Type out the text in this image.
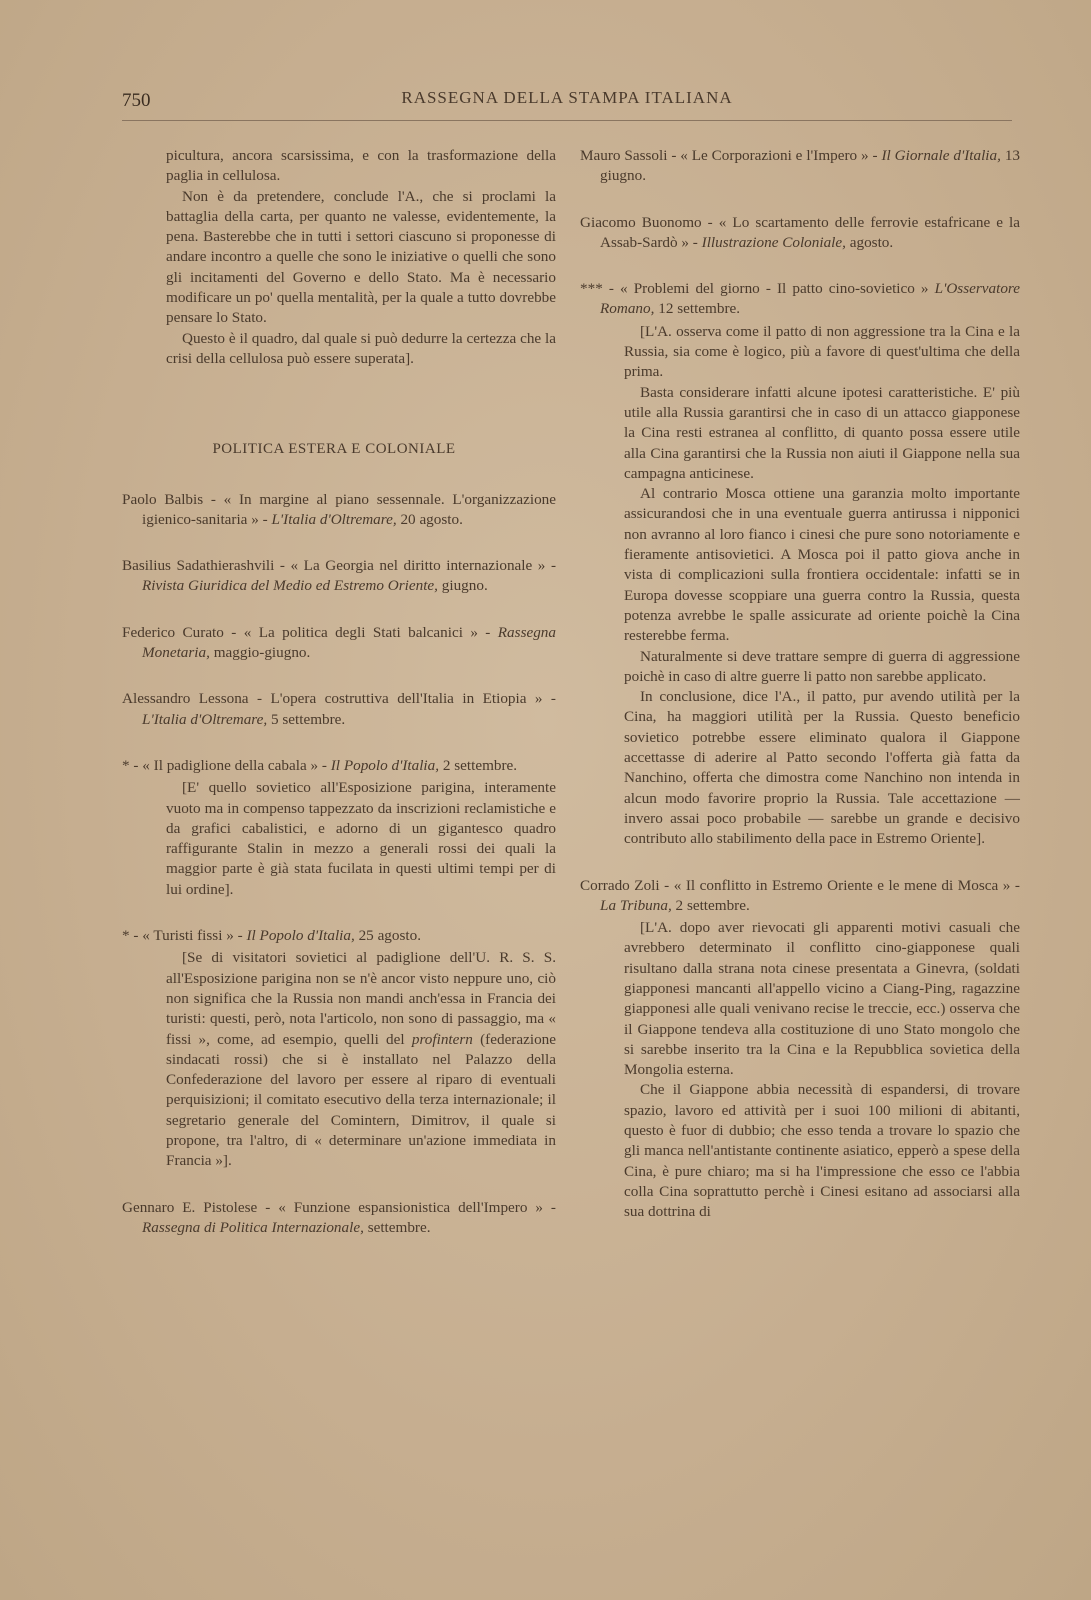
750	RASSEGNA DELLA STAMPA ITALIANA

picultura, ancora scarsissima, e con la trasformazione della paglia in cellulosa.

Non è da pretendere, conclude l'A., che si proclami la battaglia della carta, per quanto ne valesse, evidentemente, la pena. Basterebbe che in tutti i settori ciascuno si proponesse di andare incontro a quelle che sono le iniziative o quelli che sono gli incitamenti del Governo e dello Stato. Ma è necessario modificare un po' quella mentalità, per la quale a tutto dovrebbe pensare lo Stato.

Questo è il quadro, dal quale si può dedurre la certezza che la crisi della cellulosa può essere superata].

POLITICA ESTERA E COLONIALE

Paolo Balbis - « In margine al piano sessennale. L'organizzazione igienico-sanitaria » - L'Italia d'Oltremare, 20 agosto.

Basilius Sadathierashvili - « La Georgia nel diritto internazionale » - Rivista Giuridica del Medio ed Estremo Oriente, giugno.

Federico Curato - « La politica degli Stati balcanici » - Rassegna Monetaria, maggio-giugno.

Alessandro Lessona - L'opera costruttiva dell'Italia in Etiopia » - L'Italia d'Oltremare, 5 settembre.

* - « Il padiglione della cabala » - Il Popolo d'Italia, 2 settembre.

[E' quello sovietico all'Esposizione parigina, interamente vuoto ma in compenso tappezzato da inscrizioni reclamistiche e da grafici cabalistici, e adorno di un gigantesco quadro raffigurante Stalin in mezzo a generali rossi dei quali la maggior parte è già stata fucilata in questi ultimi tempi per di lui ordine].

* - « Turisti fissi » - Il Popolo d'Italia, 25 agosto.

[Se di visitatori sovietici al padiglione dell'U. R. S. S. all'Esposizione parigina non se n'è ancor visto neppure uno, ciò non significa che la Russia non mandi anch'essa in Francia dei turisti: questi, però, nota l'articolo, non sono di passaggio, ma « fissi », come, ad esempio, quelli del profintern (federazione sindacati rossi) che si è installato nel Palazzo della Confederazione del lavoro per essere al riparo di eventuali perquisizioni; il comitato esecutivo della terza internazionale; il segretario generale del Comintern, Dimitrov, il quale si propone, tra l'altro, di « determinare un'azione immediata in Francia »].

Gennaro E. Pistolese - « Funzione espansionistica dell'Impero » - Rassegna di Politica Internazionale, settembre.

Mauro Sassoli - « Le Corporazioni e l'Impero » - Il Giornale d'Italia, 13 giugno.

Giacomo Buonomo - « Lo scartamento delle ferrovie estafricane e la Assab-Sardò » - Illustrazione Coloniale, agosto.

*** - « Problemi del giorno - Il patto cino-sovietico » L'Osservatore Romano, 12 settembre.

[L'A. osserva come il patto di non aggressione tra la Cina e la Russia, sia come è logico, più a favore di quest'ultima che della prima.

Basta considerare infatti alcune ipotesi caratteristiche. E' più utile alla Russia garantirsi che in caso di un attacco giapponese la Cina resti estranea al conflitto, di quanto possa essere utile alla Cina garantirsi che la Russia non aiuti il Giappone nella sua campagna anticinese.

Al contrario Mosca ottiene una garanzia molto importante assicurandosi che in una eventuale guerra antirussa i nipponici non avranno al loro fianco i cinesi che pure sono notoriamente e fieramente antisovietici. A Mosca poi il patto giova anche in vista di complicazioni sulla frontiera occidentale: infatti se in Europa dovesse scoppiare una guerra contro la Russia, questa potenza avrebbe le spalle assicurate ad oriente poichè la Cina resterebbe ferma.

Naturalmente si deve trattare sempre di guerra di aggressione poichè in caso di altre guerre li patto non sarebbe applicato.

In conclusione, dice l'A., il patto, pur avendo utilità per la Cina, ha maggiori utilità per la Russia. Questo beneficio sovietico potrebbe essere eliminato qualora il Giappone accettasse di aderire al Patto secondo l'offerta già fatta da Nanchino, offerta che dimostra come Nanchino non intenda in alcun modo favorire proprio la Russia. Tale accettazione — invero assai poco probabile — sarebbe un grande e decisivo contributo allo stabilimento della pace in Estremo Oriente].

Corrado Zoli - « Il conflitto in Estremo Oriente e le mene di Mosca » - La Tribuna, 2 settembre.

[L'A. dopo aver rievocati gli apparenti motivi casuali che avrebbero determinato il conflitto cino-giapponese quali risultano dalla strana nota cinese presentata a Ginevra, (soldati giapponesi mancanti all'appello vicino a Ciang-Ping, ragazzine giapponesi alle quali venivano recise le treccie, ecc.) osserva che il Giappone tendeva alla costituzione di uno Stato mongolo che si sarebbe inserito tra la Cina e la Repubblica sovietica della Mongolia esterna.

Che il Giappone abbia necessità di espandersi, di trovare spazio, lavoro ed attività per i suoi 100 milioni di abitanti, questo è fuor di dubbio; che esso tenda a trovare lo spazio che gli manca nell'antistante continente asiatico, epperò a spese della Cina, è pure chiaro; ma si ha l'impressione che esso ce l'abbia colla Cina soprattutto perchè i Cinesi esitano ad associarsi alla sua dottrina di
